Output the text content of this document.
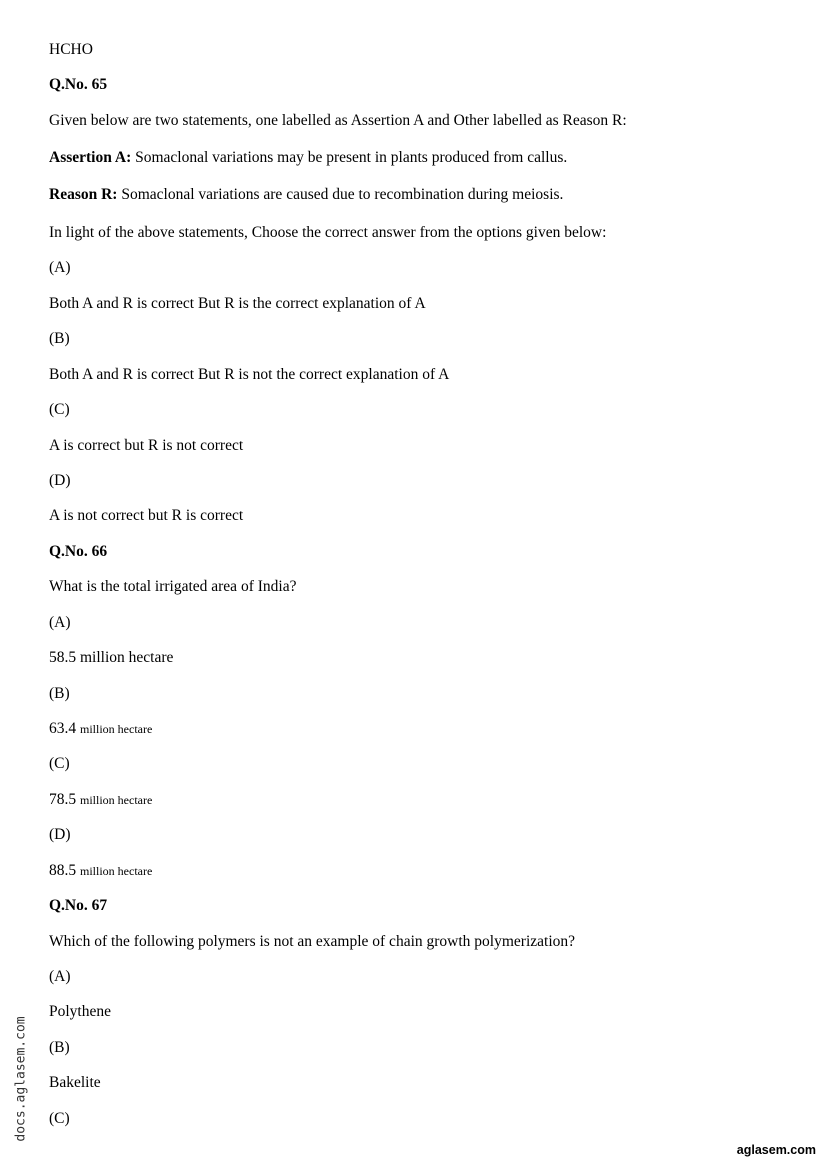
HCHO

Q.No. 65

Given below are two statements, one labelled as Assertion A and Other labelled as Reason R:

Assertion A: Somaclonal variations may be present in plants produced from callus.

Reason R: Somaclonal variations are caused due to recombination during meiosis.

In light of the above statements, Choose the correct answer from the options given below:

(A)

Both A and R is correct But R is the correct explanation of A

(B)

Both A and R is correct But R is not the correct explanation of A

(C)

A is correct but R is not correct

(D)

A is not correct but R is correct

Q.No. 66

What is the total irrigated area of India?

(A)

58.5 million hectare

(B)

63.4 million hectare

(C)

78.5 million hectare

(D)

88.5 million hectare

Q.No. 67

Which of the following polymers is not an example of chain growth polymerization?

(A)

Polythene

(B)

Bakelite

(C)

docs.aglasem.com
aglasem.com
